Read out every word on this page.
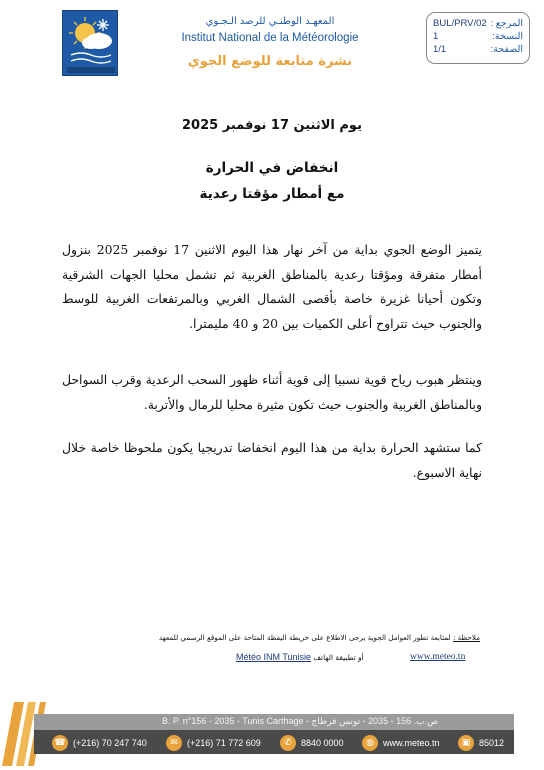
المعهـد الوطنـي للرصد الـجـوي
Institut National de la Météorologie
نشرة متابعة للوضع الجوي
المرجع :
BUL/PRV/02
النسخة:
1
الصفحة:
1/1
يوم الاثنين 17 نوفمبر 2025
انخفاض في الحرارة
مع أمطار مؤقتا رعدية

يتميز الوضع الجوي بداية من آخر نهار هذا اليوم الاثنين 17 نوفمبر 2025 بنزول أمطار متفرقة ومؤقتا رعدية بالمناطق الغربية ثم تشمل محليا الجهات الشرقية وتكون أحيانا غزيرة خاصة بأقصى الشمال الغربي وبالمرتفعات الغربية للوسط والجنوب حيث تتراوح أعلى الكميات بين 20 و 40 مليمترا.

وينتظر هبوب رياح قوية نسبيا إلى قوية أثناء ظهور السحب الرعدية وقرب السواحل وبالمناطق الغربية والجنوب حيث تكون مثيرة محليا للرمال والأتربة.

كما ستشهد الحرارة بداية من هذا اليوم انخفاضا تدريجيا يكون ملحوظا خاصة خلال نهاية الاسبوع.

ملاحظة : لمتابعة تطور العوامل الجوية يرجى الاطلاع على خريطة اليقظة المتاحة على الموقع الرسمي للمعهد
أو تطبيقة الهاتف Météo INM Tunisie	www.meteo.tn
B. P. n°156 - 2035 - Tunis Carthage - ص.ب. 156 - 2035 - تونس قرطاج
☎ (+216) 70 247 740	✉	(+216) 71 772 609	✆	8840 0000	◍	www.meteo.tn	▣ 85012
